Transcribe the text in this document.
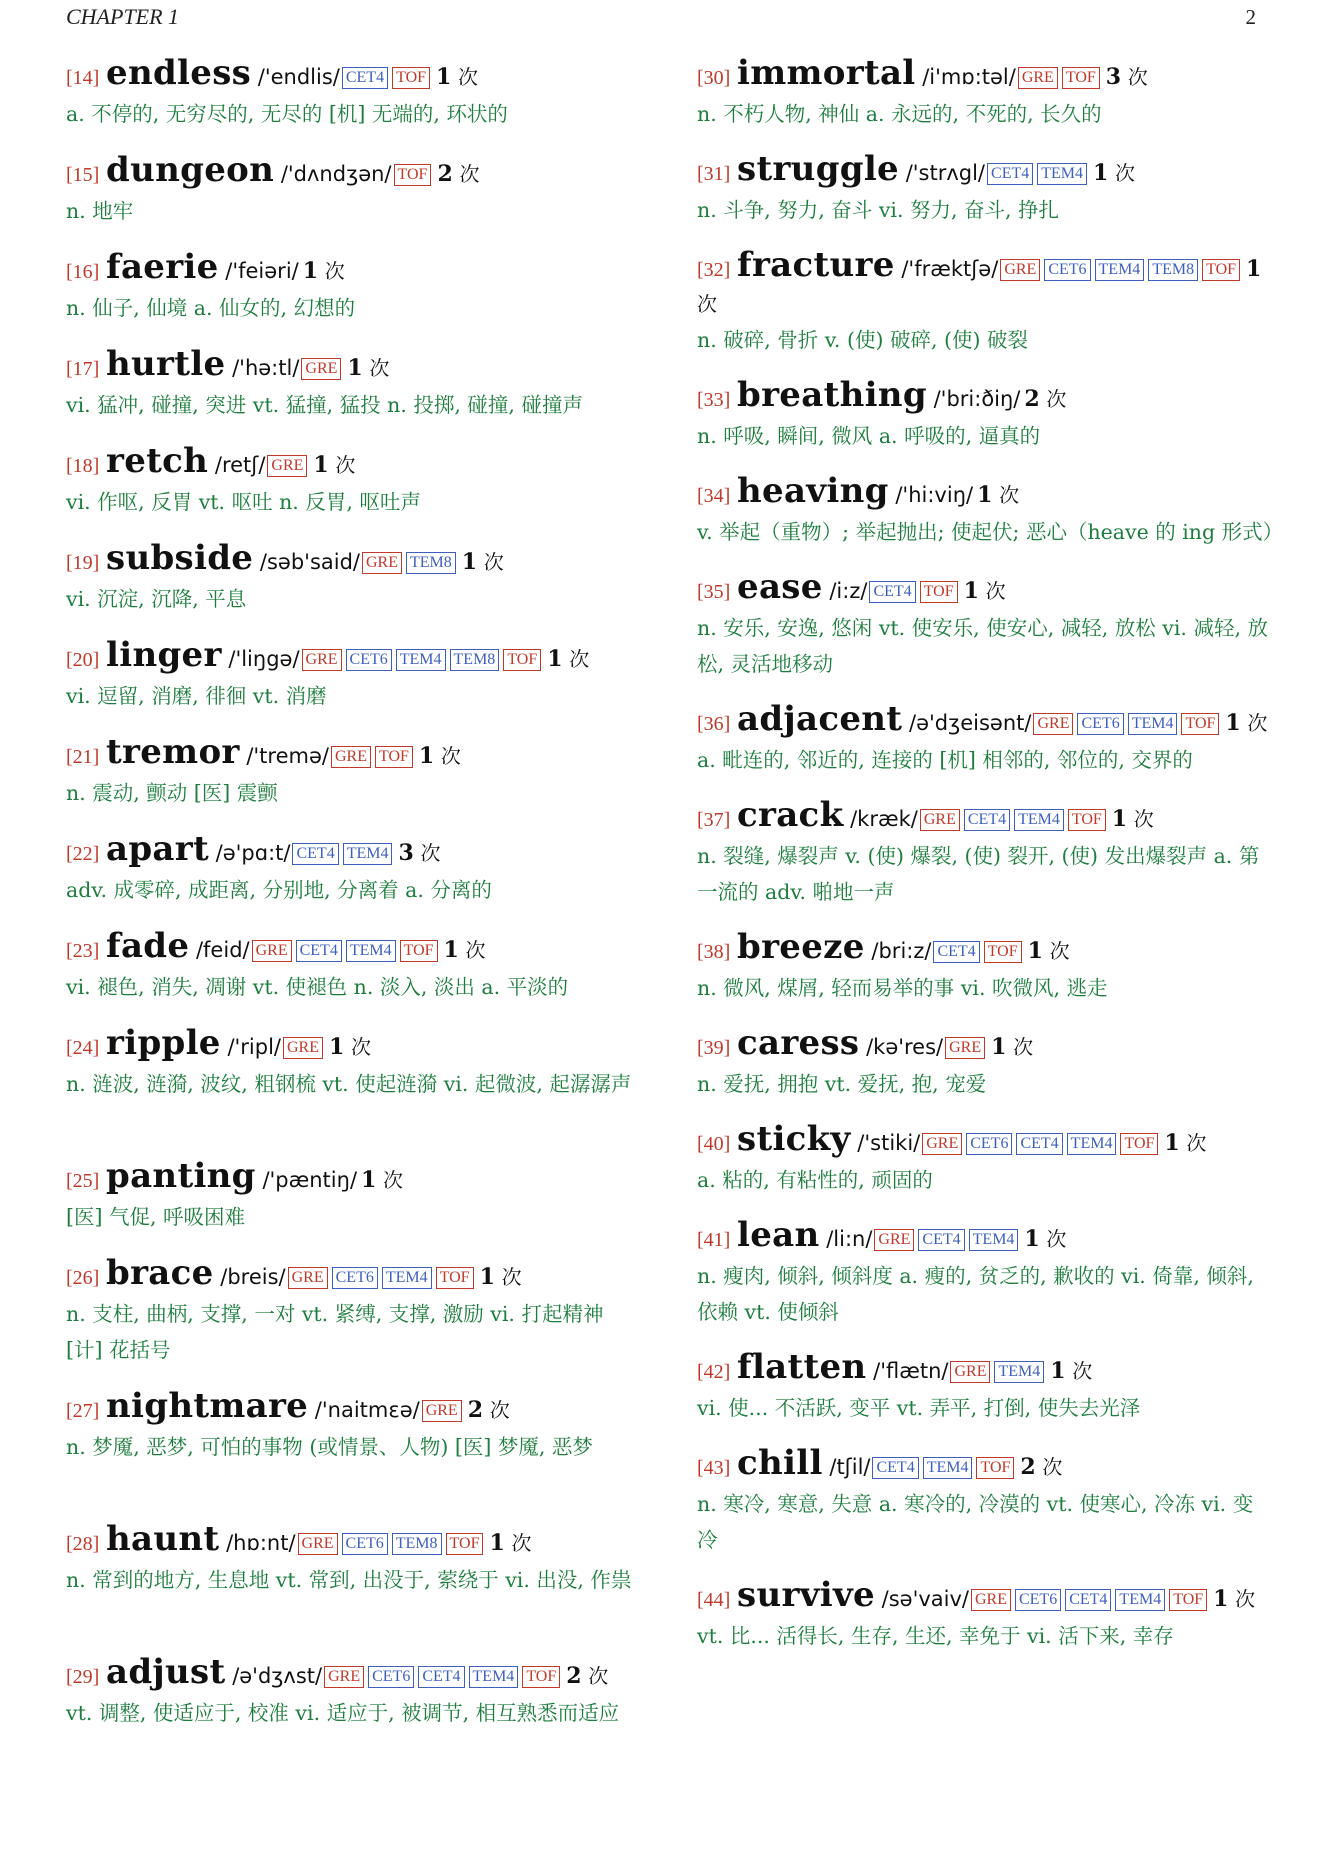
CHAPTER 1	2
[14] endless /'endlis/ CET4 TOF 1 次
a. 不停的, 无穷尽的, 无尽的 [机] 无端的, 环状的
[15] dungeon /'dʌndʒən/ TOF 2 次
n. 地牢
[16] faerie /'feiəri/ 1 次
n. 仙子, 仙境 a. 仙女的, 幻想的
[17] hurtle /'hə:tl/ GRE 1 次
vi. 猛冲, 碰撞, 突进 vt. 猛撞, 猛投 n. 投掷, 碰撞, 碰撞声
[18] retch /retʃ/ GRE 1 次
vi. 作呕, 反胃 vt. 呕吐 n. 反胃, 呕吐声
[19] subside /səb'said/ GRE TEM8 1 次
vi. 沉淀, 沉降, 平息
[20] linger /'liŋgə/ GRE CET6 TEM4 TEM8 TOF 1 次
vi. 逗留, 消磨, 徘徊 vt. 消磨
[21] tremor /'tremə/ GRE TOF 1 次
n. 震动, 颤动 [医] 震颤
[22] apart /ə'pɑ:t/ CET4 TEM4 3 次
adv. 成零碎, 成距离, 分别地, 分离着 a. 分离的
[23] fade /feid/ GRE CET4 TEM4 TOF 1 次
vi. 褪色, 消失, 凋谢 vt. 使褪色 n. 淡入, 淡出 a. 平淡的
[24] ripple /'ripl/ GRE 1 次
n. 涟波, 涟漪, 波纹, 粗钢梳 vt. 使起涟漪 vi. 起微波, 起潺潺声
[25] panting /'pæntiŋ/ 1 次
[医] 气促, 呼吸困难
[26] brace /breis/ GRE CET6 TEM4 TOF 1 次
n. 支柱, 曲柄, 支撑, 一对 vt. 紧缚, 支撑, 激励 vi. 打起精神 [计] 花括号
[27] nightmare /'naitmεə/ GRE 2 次
n. 梦魇, 恶梦, 可怕的事物 (或情景、人物) [医] 梦魇, 恶梦
[28] haunt /hɒ:nt/ GRE CET6 TEM8 TOF 1 次
n. 常到的地方, 生息地 vt. 常到, 出没于, 萦绕于 vi. 出没, 作祟
[29] adjust /ə'dʒʌst/ GRE CET6 CET4 TEM4 TOF 2 次
vt. 调整, 使适应于, 校准 vi. 适应于, 被调节, 相互熟悉而适应
[30] immortal /i'mɒ:təl/ GRE TOF 3 次
n. 不朽人物, 神仙 a. 永远的, 不死的, 长久的
[31] struggle /'strʌgl/ CET4 TEM4 1 次
n. 斗争, 努力, 奋斗 vi. 努力, 奋斗, 挣扎
[32] fracture /'fræktʃə/ GRE CET6 TEM4 TEM8 TOF 1 次
n. 破碎, 骨折 v. (使) 破碎, (使) 破裂
[33] breathing /'bri:ðiŋ/ 2 次
n. 呼吸, 瞬间, 微风 a. 呼吸的, 逼真的
[34] heaving /'hi:viŋ/ 1 次
v. 举起（重物）; 举起抛出; 使起伏; 恶心（heave 的 ing 形式）
[35] ease /i:z/ CET4 TOF 1 次
n. 安乐, 安逸, 悠闲 vt. 使安乐, 使安心, 减轻, 放松 vi. 减轻, 放松, 灵活地移动
[36] adjacent /ə'dʒeisənt/ GRE CET6 TEM4 TOF 1 次
a. 毗连的, 邻近的, 连接的 [机] 相邻的, 邻位的, 交界的
[37] crack /kræk/ GRE CET4 TEM4 TOF 1 次
n. 裂缝, 爆裂声 v. (使) 爆裂, (使) 裂开, (使) 发出爆裂声 a. 第一流的 adv. 啪地一声
[38] breeze /bri:z/ CET4 TOF 1 次
n. 微风, 煤屑, 轻而易举的事 vi. 吹微风, 逃走
[39] caress /kə'res/ GRE 1 次
n. 爱抚, 拥抱 vt. 爱抚, 抱, 宠爱
[40] sticky /'stiki/ GRE CET6 CET4 TEM4 TOF 1 次
a. 粘的, 有粘性的, 顽固的
[41] lean /li:n/ GRE CET4 TEM4 1 次
n. 瘦肉, 倾斜, 倾斜度 a. 瘦的, 贫乏的, 歉收的 vi. 倚靠, 倾斜, 依赖 vt. 使倾斜
[42] flatten /'flætn/ GRE TEM4 1 次
vi. 使... 不活跃, 变平 vt. 弄平, 打倒, 使失去光泽
[43] chill /tʃil/ CET4 TEM4 TOF 2 次
n. 寒冷, 寒意, 失意 a. 寒冷的, 冷漠的 vt. 使寒心, 冷冻 vi. 变冷
[44] survive /sə'vaiv/ GRE CET6 CET4 TEM4 TOF 1 次
vt. 比... 活得长, 生存, 生还, 幸免于 vi. 活下来, 幸存
